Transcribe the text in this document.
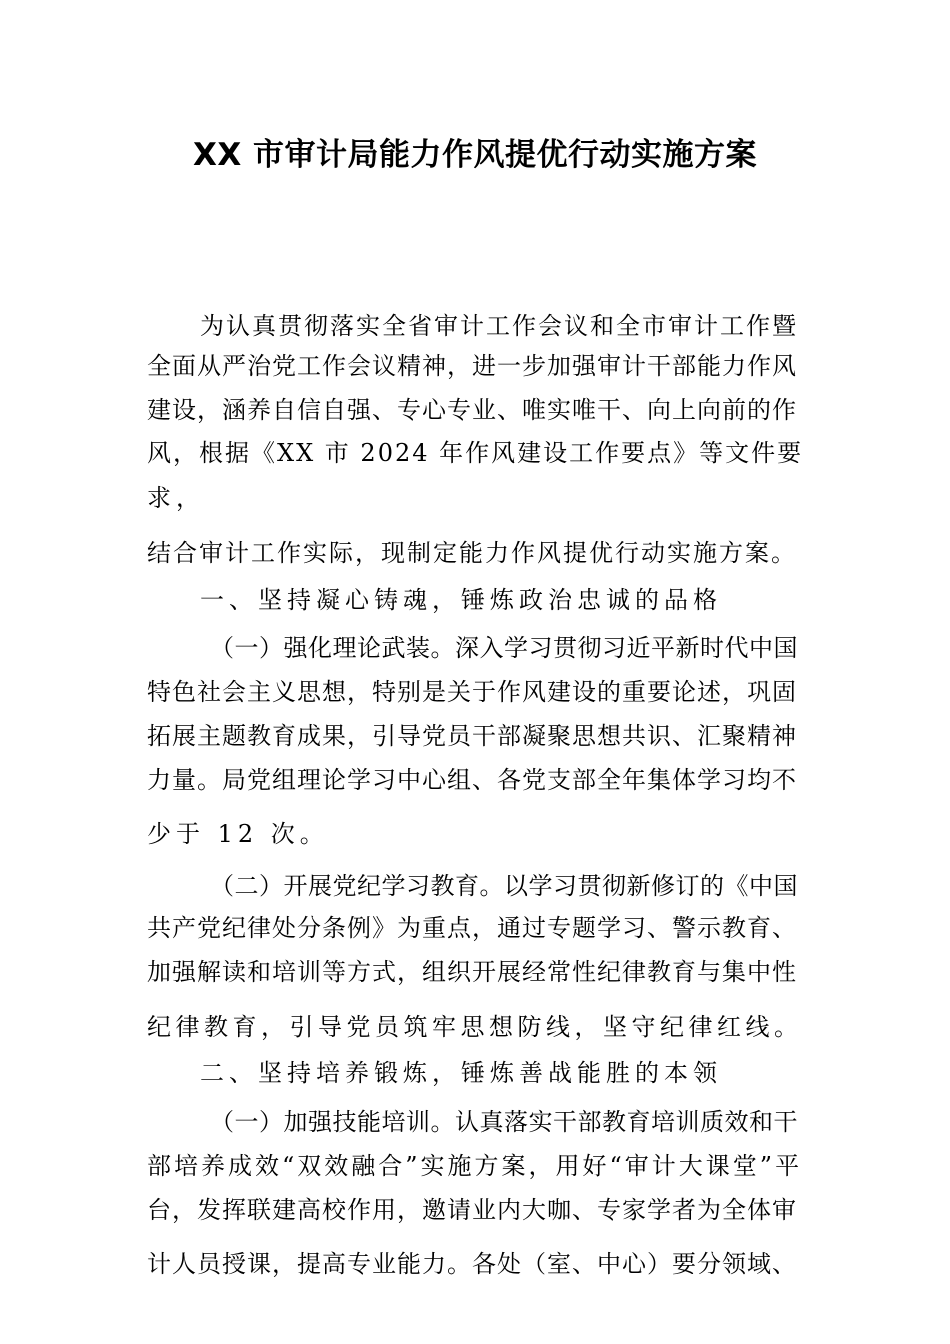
XX 市审计局能力作风提优行动实施方案
为认真贯彻落实全省审计工作会议和全市审计工作暨
全面从严治党工作会议精神，进一步加强审计干部能力作风
建设，涵养自信自强、专心专业、唯实唯干、向上向前的作
风，根据《XX 市 2024 年作风建设工作要点》等文件要
求，
结合审计工作实际，现制定能力作风提优行动实施方案。
一、坚持凝心铸魂，锤炼政治忠诚的品格
（一）强化理论武装。深入学习贯彻习近平新时代中国
特色社会主义思想，特别是关于作风建设的重要论述，巩固
拓展主题教育成果，引导党员干部凝聚思想共识、汇聚精神
力量。局党组理论学习中心组、各党支部全年集体学习均不
少于 12 次。
（二）开展党纪学习教育。以学习贯彻新修订的《中国
共产党纪律处分条例》为重点，通过专题学习、警示教育、
加强解读和培训等方式，组织开展经常性纪律教育与集中性
纪律教育，引导党员筑牢思想防线，坚守纪律红线。
二、坚持培养锻炼，锤炼善战能胜的本领
（一）加强技能培训。认真落实干部教育培训质效和干
部培养成效“双效融合”实施方案，用好“审计大课堂”平
台，发挥联建高校作用，邀请业内大咖、专家学者为全体审
计人员授课，提高专业能力。各处（室、中心）要分领域、
